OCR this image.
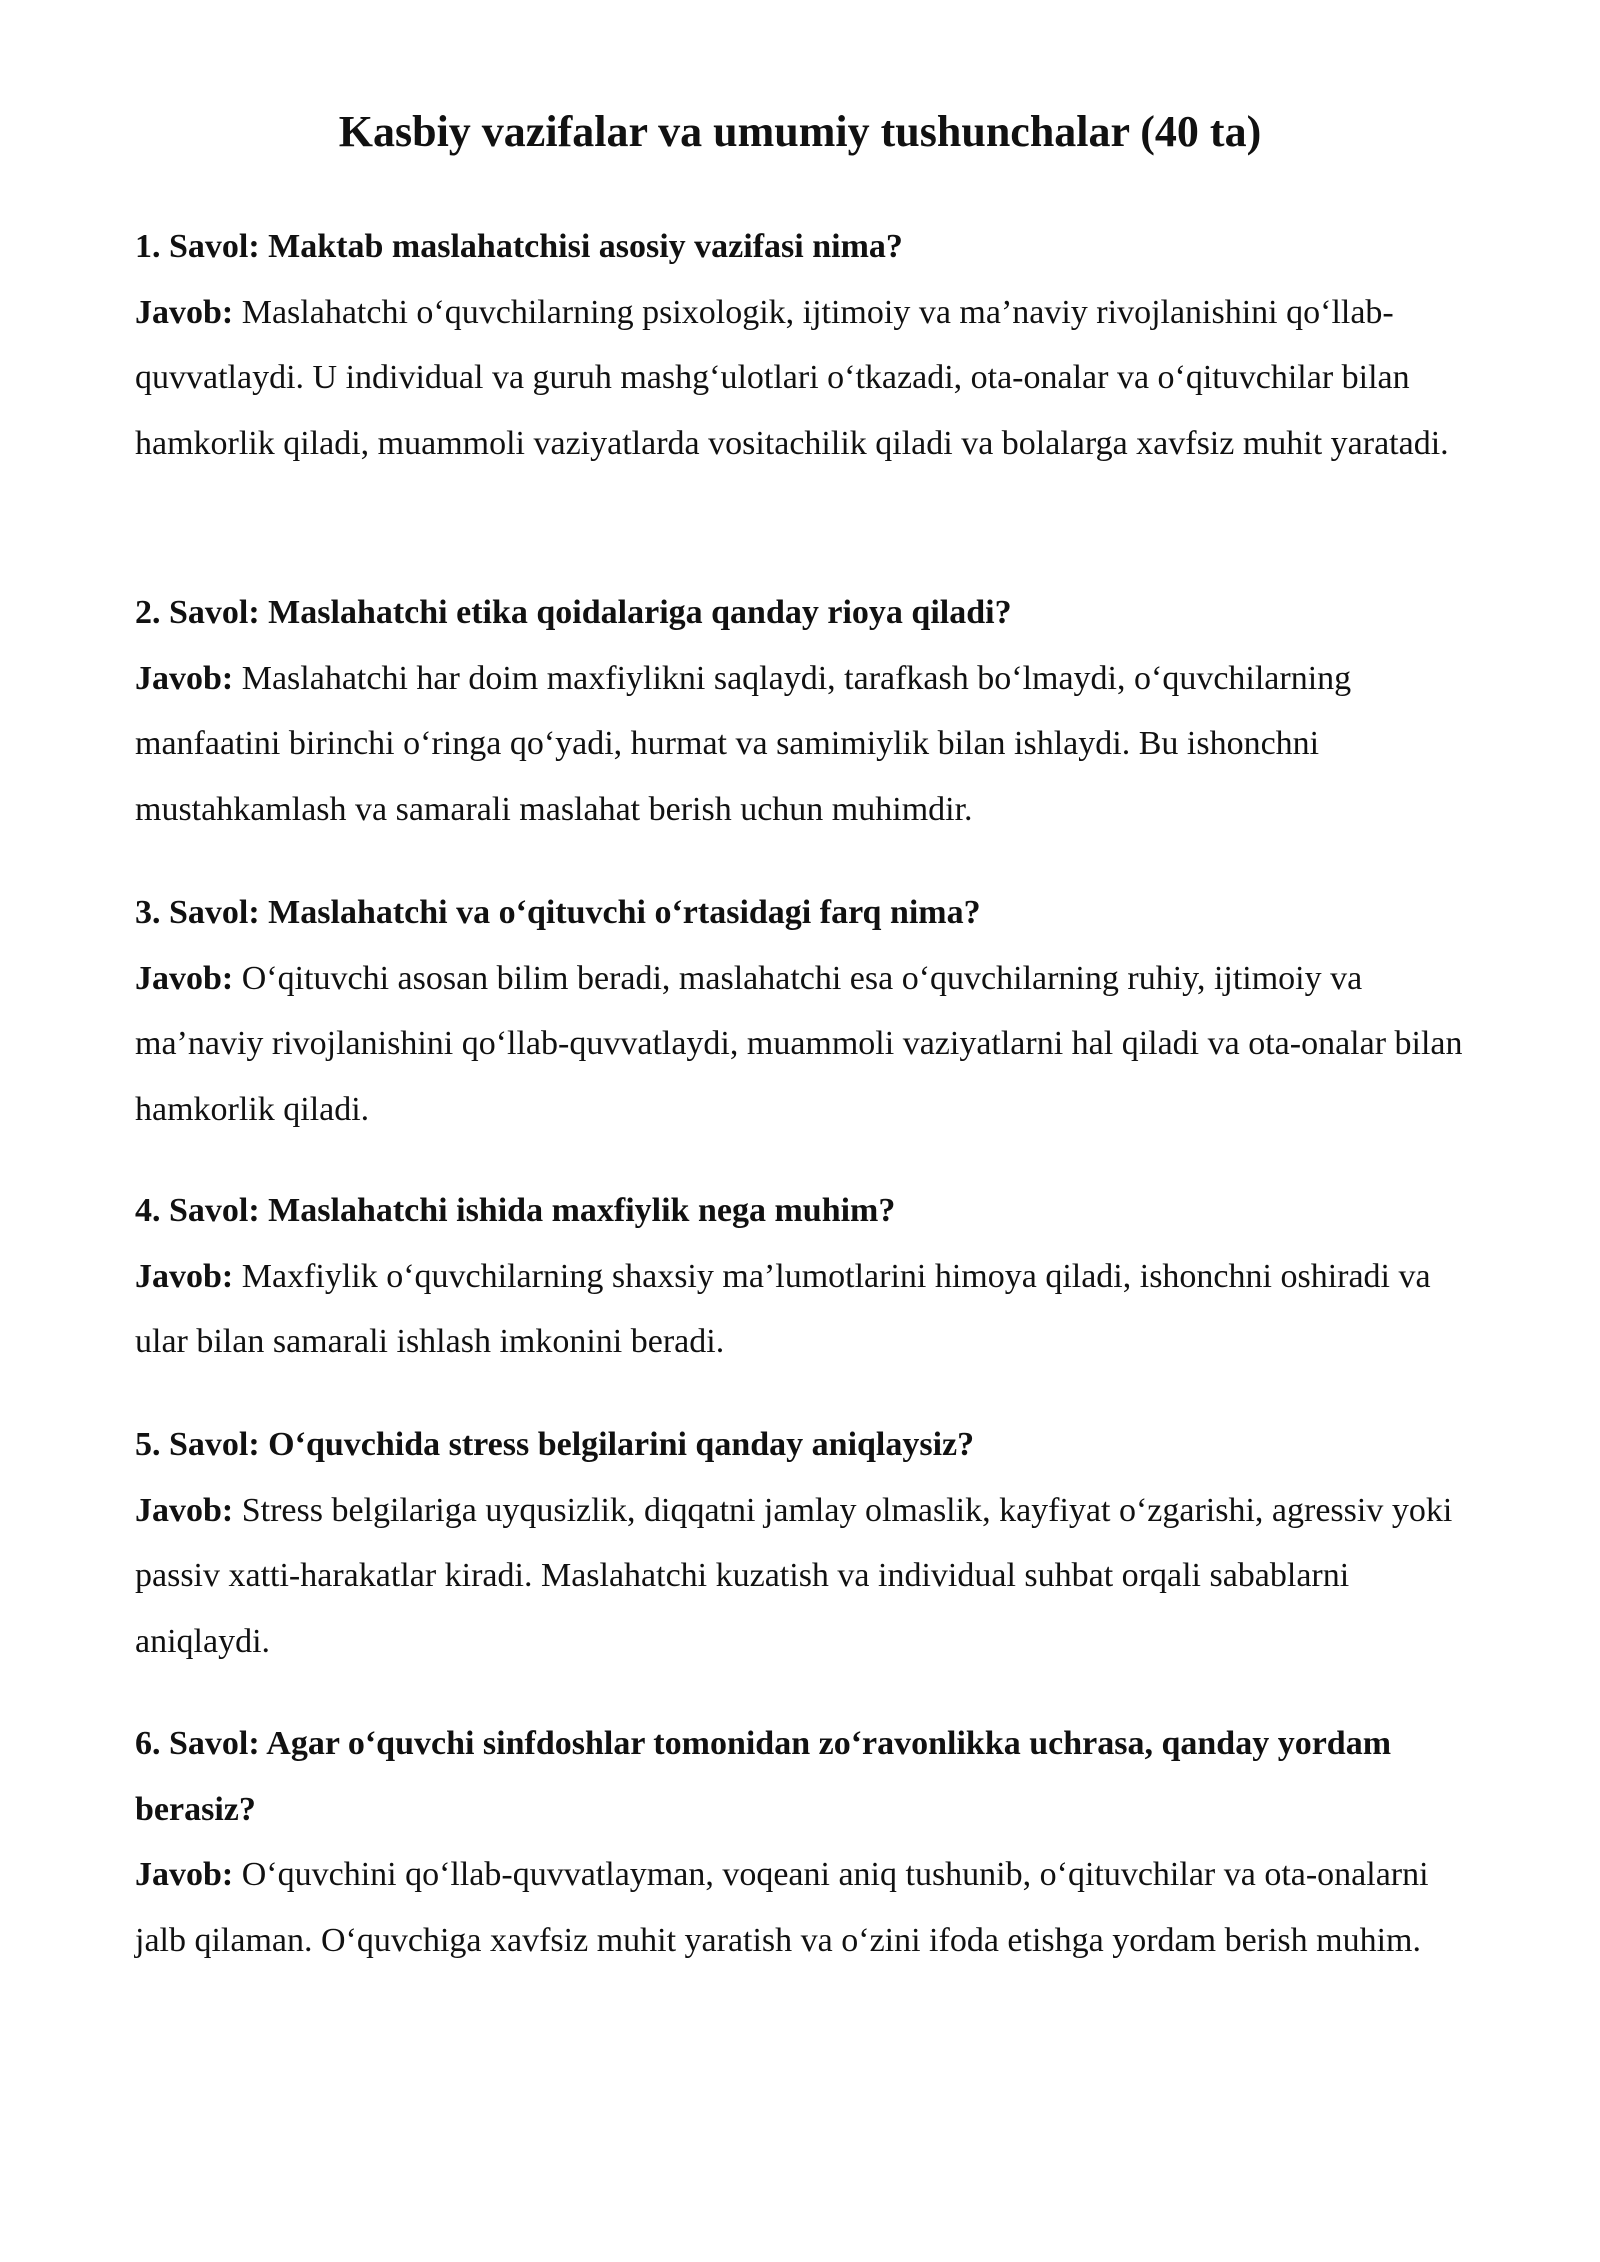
Kasbiy vazifalar va umumiy tushunchalar (40 ta)

1. Savol: Maktab maslahatchisi asosiy vazifasi nima?

Javob: Maslahatchi o‘quvchilarning psixologik, ijtimoiy va ma’naviy rivojlanishini qo‘llab-quvvatlaydi. U individual va guruh mashg‘ulotlari o‘tkazadi, ota-onalar va o‘qituvchilar bilan hamkorlik qiladi, muammoli vaziyatlarda vositachilik qiladi va bolalarga xavfsiz muhit yaratadi.

2. Savol: Maslahatchi etika qoidalariga qanday rioya qiladi?

Javob: Maslahatchi har doim maxfiylikni saqlaydi, tarafkash bo‘lmaydi, o‘quvchilarning manfaatini birinchi o‘ringa qo‘yadi, hurmat va samimiylik bilan ishlaydi. Bu ishonchni mustahkamlash va samarali maslahat berish uchun muhimdir.

3. Savol: Maslahatchi va o‘qituvchi o‘rtasidagi farq nima?

Javob: O‘qituvchi asosan bilim beradi, maslahatchi esa o‘quvchilarning ruhiy, ijtimoiy va ma’naviy rivojlanishini qo‘llab-quvvatlaydi, muammoli vaziyatlarni hal qiladi va ota-onalar bilan hamkorlik qiladi.

4. Savol: Maslahatchi ishida maxfiylik nega muhim?

Javob: Maxfiylik o‘quvchilarning shaxsiy ma’lumotlarini himoya qiladi, ishonchni oshiradi va ular bilan samarali ishlash imkonini beradi.

5. Savol: O‘quvchida stress belgilarini qanday aniqlaysiz?

Javob: Stress belgilariga uyqusizlik, diqqatni jamlay olmaslik, kayfiyat o‘zgarishi, agressiv yoki passiv xatti-harakatlar kiradi. Maslahatchi kuzatish va individual suhbat orqali sabablarni aniqlaydi.

6. Savol: Agar o‘quvchi sinfdoshlar tomonidan zo‘ravonlikka uchrasa, qanday yordam berasiz?

Javob: O‘quvchini qo‘llab-quvvatlayman, voqeani aniq tushunib, o‘qituvchilar va ota-onalarni jalb qilaman. O‘quvchiga xavfsiz muhit yaratish va o‘zini ifoda etishga yordam berish muhim.
